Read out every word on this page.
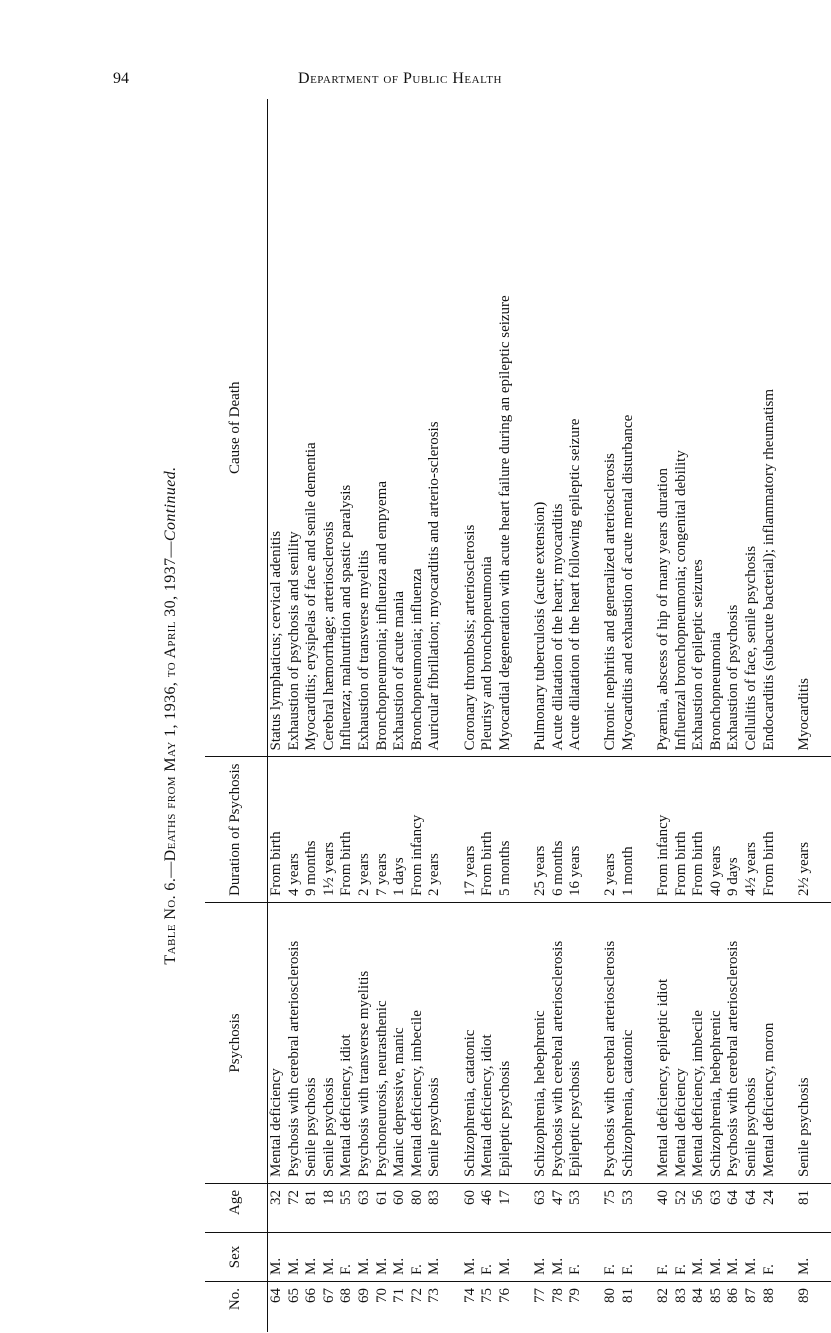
94	Department of Public Health
Table No. 6.—Deaths from May 1, 1936, to April 30, 1937—Continued.
No.	Sex	Age	Psychosis	Duration of Psychosis	Cause of Death
64	M.	32	Mental deficiency	From birth	Status lymphaticus; cervical adenitis
65	M.	72	Psychosis with cerebral arteriosclerosis	4 years	Exhaustion of psychosis and senility
66	M.	81	Senile psychosis	9 months	Myocarditis; erysipelas of face and senile dementia
67	M.	18	Senile psychosis	1½ years	Cerebral hæmorrhage; arteriosclerosis
68	F.	55	Mental deficiency, idiot	From birth	Influenza; malnutrition and spastic paralysis
69	M.	63	Psychosis with transverse myelitis	2 years	Exhaustion of transverse myelitis
70	M.	61	Psychoneurosis, neurasthenic	7 years	Bronchopneumonia; influenza and empyema
71	M.	60	Manic depressive, manic	1 days	Exhaustion of acute mania
72	F.	80	Mental deficiency, imbecile	From infancy	Bronchopneumonia; influenza
73	M.	83	Senile psychosis	2 years	Auricular fibrillation; myocarditis and arterio-sclerosis
74	M.	60	Schizophrenia, catatonic	17 years	Coronary thrombosis; arteriosclerosis
75	F.	46	Mental deficiency, idiot	From birth	Pleurisy and bronchopneumonia
76	M.	17	Epileptic psychosis	5 months	Myocardial degeneration with acute heart failure during an epileptic seizure
77	M.	63	Schizophrenia, hebephrenic	25 years	Pulmonary tuberculosis (acute extension)
78	M.	47	Psychosis with cerebral arteriosclerosis	6 months	Acute dilatation of the heart; myocarditis
79	F.	53	Epileptic psychosis	16 years	Acute dilatation of the heart following epileptic seizure
80	F.	75	Psychosis with cerebral arteriosclerosis	2 years	Chronic nephritis and generalized arteriosclerosis
81	F.	53	Schizophrenia, catatonic	1 month	Myocarditis and exhaustion of acute mental disturbance
82	F.	40	Mental deficiency, epileptic idiot	From infancy	Pyæmia, abscess of hip of many years duration
83	F.	52	Mental deficiency	From birth	Influenzal bronchopneumonia; congenital debility
84	M.	56	Mental deficiency, imbecile	From birth	Exhaustion of epileptic seizures
85	M.	63	Schizophrenia, hebephrenic	40 years	Bronchopneumonia
86	M.	64	Psychosis with cerebral arteriosclerosis	9 days	Exhaustion of psychosis
87	M.	64	Senile psychosis	4½ years	Cellulitis of face, senile psychosis
88	F.	24	Mental deficiency, moron	From birth	Endocarditis (subacute bacterial); inflammatory rheumatism
89	M.	81	Senile psychosis	2½ years	Myocarditis
